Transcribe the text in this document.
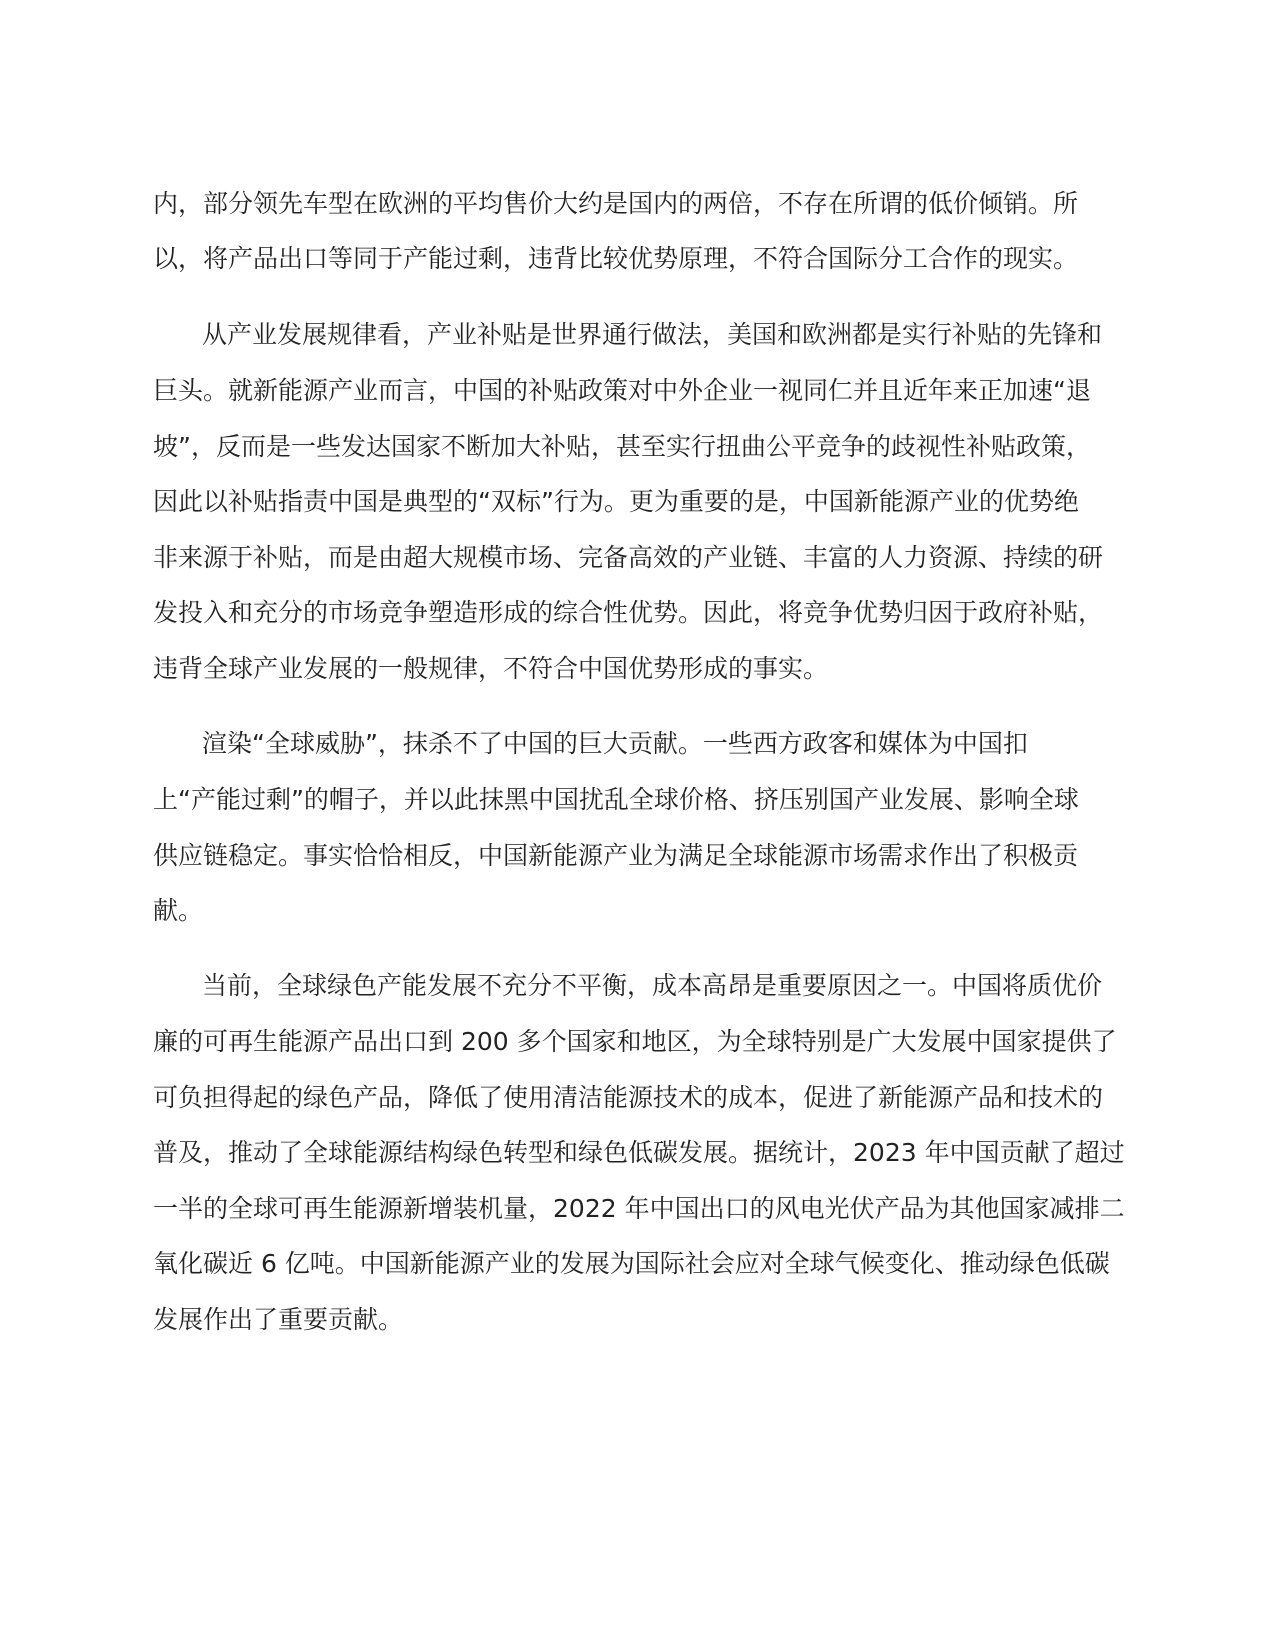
内，部分领先车型在欧洲的平均售价大约是国内的两倍，不存在所谓的低价倾销。所
以，将产品出口等同于产能过剩，违背比较优势原理，不符合国际分工合作的现实。
从产业发展规律看，产业补贴是世界通行做法，美国和欧洲都是实行补贴的先锋和
巨头。就新能源产业而言，中国的补贴政策对中外企业一视同仁并且近年来正加速“退
坡”，反而是一些发达国家不断加大补贴，甚至实行扭曲公平竞争的歧视性补贴政策，
因此以补贴指责中国是典型的“双标”行为。更为重要的是，中国新能源产业的优势绝
非来源于补贴，而是由超大规模市场、完备高效的产业链、丰富的人力资源、持续的研
发投入和充分的市场竞争塑造形成的综合性优势。因此，将竞争优势归因于政府补贴，
违背全球产业发展的一般规律，不符合中国优势形成的事实。
渲染“全球威胁”，抹杀不了中国的巨大贡献。一些西方政客和媒体为中国扣
上“产能过剩”的帽子，并以此抹黑中国扰乱全球价格、挤压别国产业发展、影响全球
供应链稳定。事实恰恰相反，中国新能源产业为满足全球能源市场需求作出了积极贡
献。
当前，全球绿色产能发展不充分不平衡，成本高昂是重要原因之一。中国将质优价
廉的可再生能源产品出口到 200 多个国家和地区，为全球特别是广大发展中国家提供了
可负担得起的绿色产品，降低了使用清洁能源技术的成本，促进了新能源产品和技术的
普及，推动了全球能源结构绿色转型和绿色低碳发展。据统计，2023 年中国贡献了超过
一半的全球可再生能源新增装机量，2022 年中国出口的风电光伏产品为其他国家减排二
氧化碳近 6 亿吨。中国新能源产业的发展为国际社会应对全球气候变化、推动绿色低碳
发展作出了重要贡献。
